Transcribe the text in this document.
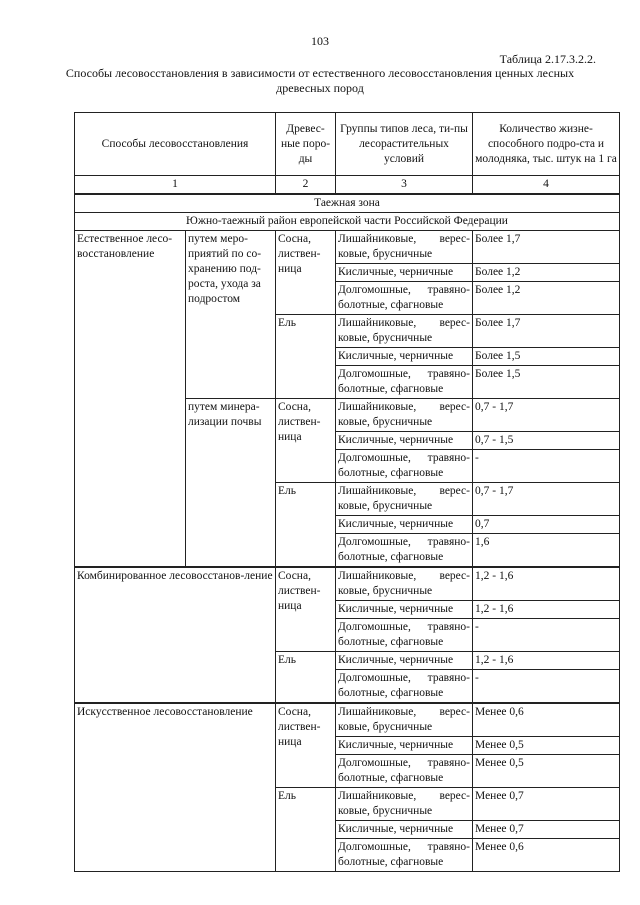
103
Таблица 2.17.3.2.2.
Способы лесовосстановления в зависимости от естественного лесовосстановления ценных лесных древесных пород
Способы лесовосстановления		Древес-ные поро-ды	Группы типов леса, ти-пы лесорастительных условий	Количество жизне-способного подро-ста и молодняка, тыс. штук на 1 га
1		2	3	4
Таежная зона				
Южно-таежный район европейской части Российской Федерации				
Естественное лесо-восстановление	путем меро-приятий по со-хранению под-роста, ухода за подростом	Сосна, листвен-ница	Лишайниковые, верес-ковые, брусничные	Более 1,7
			Кисличные, черничные	Более 1,2
			Долгомошные, травяно-болотные, сфагновые	Более 1,2
		Ель	Лишайниковые, верес-ковые, брусничные	Более 1,7
			Кисличные, черничные	Более 1,5
			Долгомошные, травяно-болотные, сфагновые	Более 1,5
	путем минера-лизации почвы	Сосна, листвен-ница	Лишайниковые, верес-ковые, брусничные	0,7 - 1,7
			Кисличные, черничные	0,7 - 1,5
			Долгомошные, травяно-болотные, сфагновые	-
		Ель	Лишайниковые, верес-ковые, брусничные	0,7 - 1,7
			Кисличные, черничные	0,7
			Долгомошные, травяно-болотные, сфагновые	1,6
Комбинированное лесовосстанов-ление		Сосна, листвен-ница	Лишайниковые, верес-ковые, брусничные	1,2 - 1,6
			Кисличные, черничные	1,2 - 1,6
			Долгомошные, травяно-болотные, сфагновые	-
		Ель	Кисличные, черничные	1,2 - 1,6
			Долгомошные, травяно-болотные, сфагновые	-
Искусственное лесовосстановление		Сосна, листвен-ница	Лишайниковые, верес-ковые, брусничные	Менее 0,6
			Кисличные, черничные	Менее 0,5
			Долгомошные, травяно-болотные, сфагновые	Менее 0,5
		Ель	Лишайниковые, верес-ковые, брусничные	Менее 0,7
			Кисличные, черничные	Менее 0,7
			Долгомошные, травяно-болотные, сфагновые	Менее 0,6
